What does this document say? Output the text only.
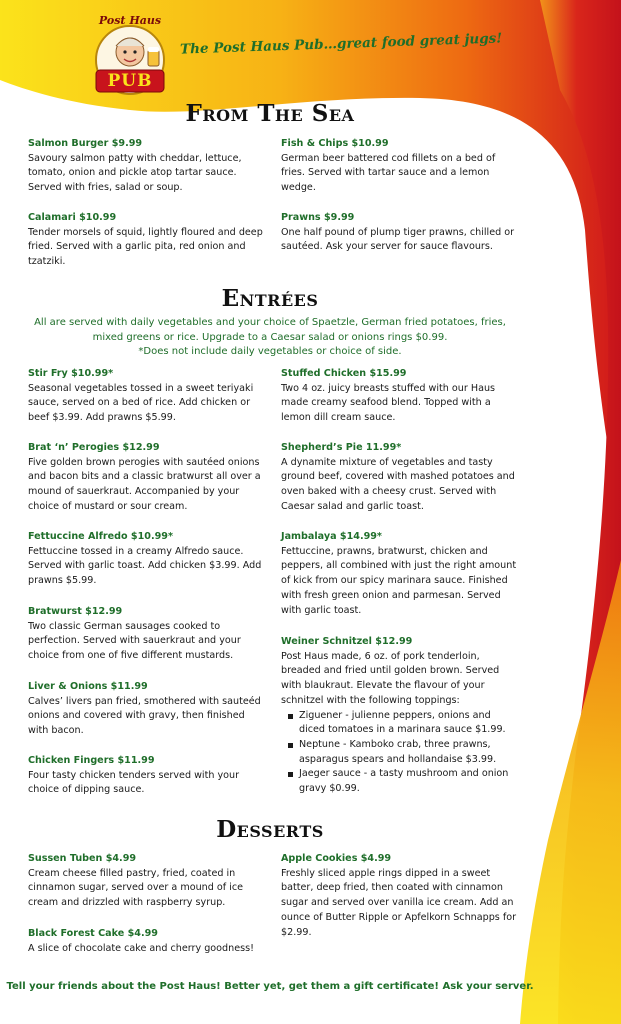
Post Haus
PUB
The Post Haus Pub…great food great jugs!
From The Sea
Salmon Burger $9.99
Savoury salmon patty with cheddar, lettuce, tomato, onion and pickle atop tartar sauce. Served with fries, salad or soup.
Calamari $10.99
Tender morsels of squid, lightly floured and deep fried. Served with a garlic pita, red onion and tzatziki.
Fish & Chips $10.99
German beer battered cod fillets on a bed of fries. Served with tartar sauce and a lemon wedge.
Prawns $9.99
One half pound of plump tiger prawns, chilled or sautéed. Ask your server for sauce flavours.
Entrées
All are served with daily vegetables and your choice of Spaetzle, German fried potatoes, fries, mixed greens or rice. Upgrade to a Caesar salad or onions rings $0.99.
*Does not include daily vegetables or choice of side.
Stir Fry $10.99*
Seasonal vegetables tossed in a sweet teriyaki sauce, served on a bed of rice. Add chicken or beef $3.99. Add prawns $5.99.
Brat ‘n’ Perogies $12.99
Five golden brown perogies with sautéed onions and bacon bits and a classic bratwurst all over a mound of sauerkraut. Accompanied by your choice of mustard or sour cream.
Fettuccine Alfredo $10.99*
Fettuccine tossed in a creamy Alfredo sauce. Served with garlic toast. Add chicken $3.99. Add prawns $5.99.
Bratwurst $12.99
Two classic German sausages cooked to perfection. Served with sauerkraut and your choice from one of five different mustards.
Liver & Onions $11.99
Calves’ livers pan fried, smothered with sauteéd onions and covered with gravy, then finished with bacon.
Chicken Fingers $11.99
Four tasty chicken tenders served with your choice of dipping sauce.
Stuffed Chicken $15.99
Two 4 oz. juicy breasts stuffed with our Haus made creamy seafood blend. Topped with a lemon dill cream sauce.
Shepherd’s Pie 11.99*
A dynamite mixture of vegetables and tasty ground beef, covered with mashed potatoes and oven baked with a cheesy crust. Served with Caesar salad and garlic toast.
Jambalaya $14.99*
Fettuccine, prawns, bratwurst, chicken and peppers, all combined with just the right amount of kick from our spicy marinara sauce. Finished with fresh green onion and parmesan. Served with garlic toast.
Weiner Schnitzel $12.99
Post Haus made, 6 oz. of pork tenderloin, breaded and fried until golden brown. Served with blaukraut. Elevate the flavour of your schnitzel with the following toppings:
Ziguener - julienne peppers, onions and diced tomatoes in a marinara sauce $1.99.
Neptune - Kamboko crab, three prawns, asparagus spears and hollandaise $3.99.
Jaeger sauce - a tasty mushroom and onion gravy $0.99.
Desserts
Sussen Tuben $4.99
Cream cheese filled pastry, fried, coated in cinnamon sugar, served over a mound of ice cream and drizzled with raspberry syrup.
Black Forest Cake $4.99
A slice of chocolate cake and cherry goodness!
Apple Cookies $4.99
Freshly sliced apple rings dipped in a sweet batter, deep fried, then coated with cinnamon sugar and served over vanilla ice cream. Add an ounce of Butter Ripple or Apfelkorn Schnapps for $2.99.
Tell your friends about the Post Haus! Better yet, get them a gift certificate! Ask your server.
